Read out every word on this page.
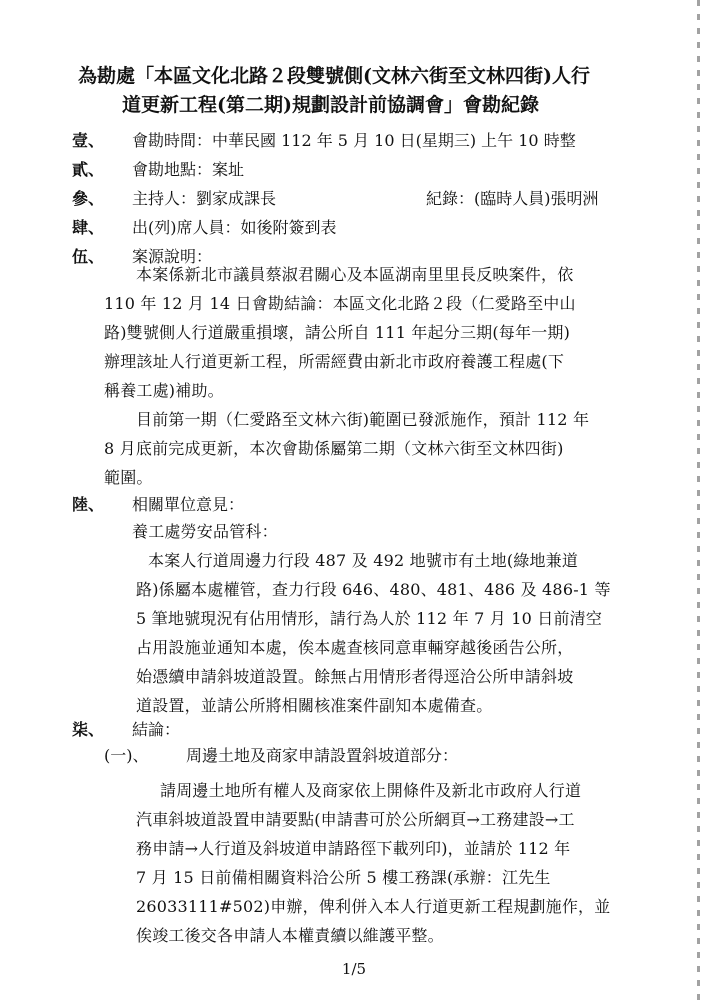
為勘處「本區文化北路２段雙號側(文林六街至文林四街)人行
道更新工程(第二期)規劃設計前協調會」會勘紀錄
壹、 會勘時間：中華民國 112 年 5 月 10 日(星期三) 上午 10 時整
貳、 會勘地點：案址
參、 主持人：劉家成課長	紀錄：(臨時人員)張明洲
肆、 出(列)席人員：如後附簽到表
伍、 案源說明：
本案係新北市議員蔡淑君關心及本區湖南里里長反映案件，依
110 年 12 月 14 日會勘結論：本區文化北路２段（仁愛路至中山
路)雙號側人行道嚴重損壞，請公所自 111 年起分三期(每年一期)
辦理該址人行道更新工程，所需經費由新北市政府養護工程處(下
稱養工處)補助。
目前第一期（仁愛路至文林六街)範圍已發派施作，預計 112 年
8 月底前完成更新，本次會勘係屬第二期（文林六街至文林四街)
範圍。
陸、 相關單位意見：
養工處勞安品管科：
本案人行道周邊力行段 487 及 492 地號市有土地(綠地兼道
路)係屬本處權管，查力行段 646、480、481、486 及 486-1 等
5 筆地號現況有佔用情形，請行為人於 112 年 7 月 10 日前清空
占用設施並通知本處，俟本處查核同意車輛穿越後函告公所，
始憑續申請斜坡道設置。餘無占用情形者得逕洽公所申請斜坡
道設置，並請公所將相關核准案件副知本處備查。
柒、 結論：
(一)、 周邊土地及商家申請設置斜坡道部分：
請周邊土地所有權人及商家依上開條件及新北市政府人行道
汽車斜坡道設置申請要點(申請書可於公所網頁→工務建設→工
務申請→人行道及斜坡道申請路徑下載列印)，並請於 112 年
7 月 15 日前備相關資料洽公所 5 樓工務課(承辦：江先生
26033111#502)申辦，俾利併入本人行道更新工程規劃施作，並
俟竣工後交各申請人本權責續以維護平整。
1/5
